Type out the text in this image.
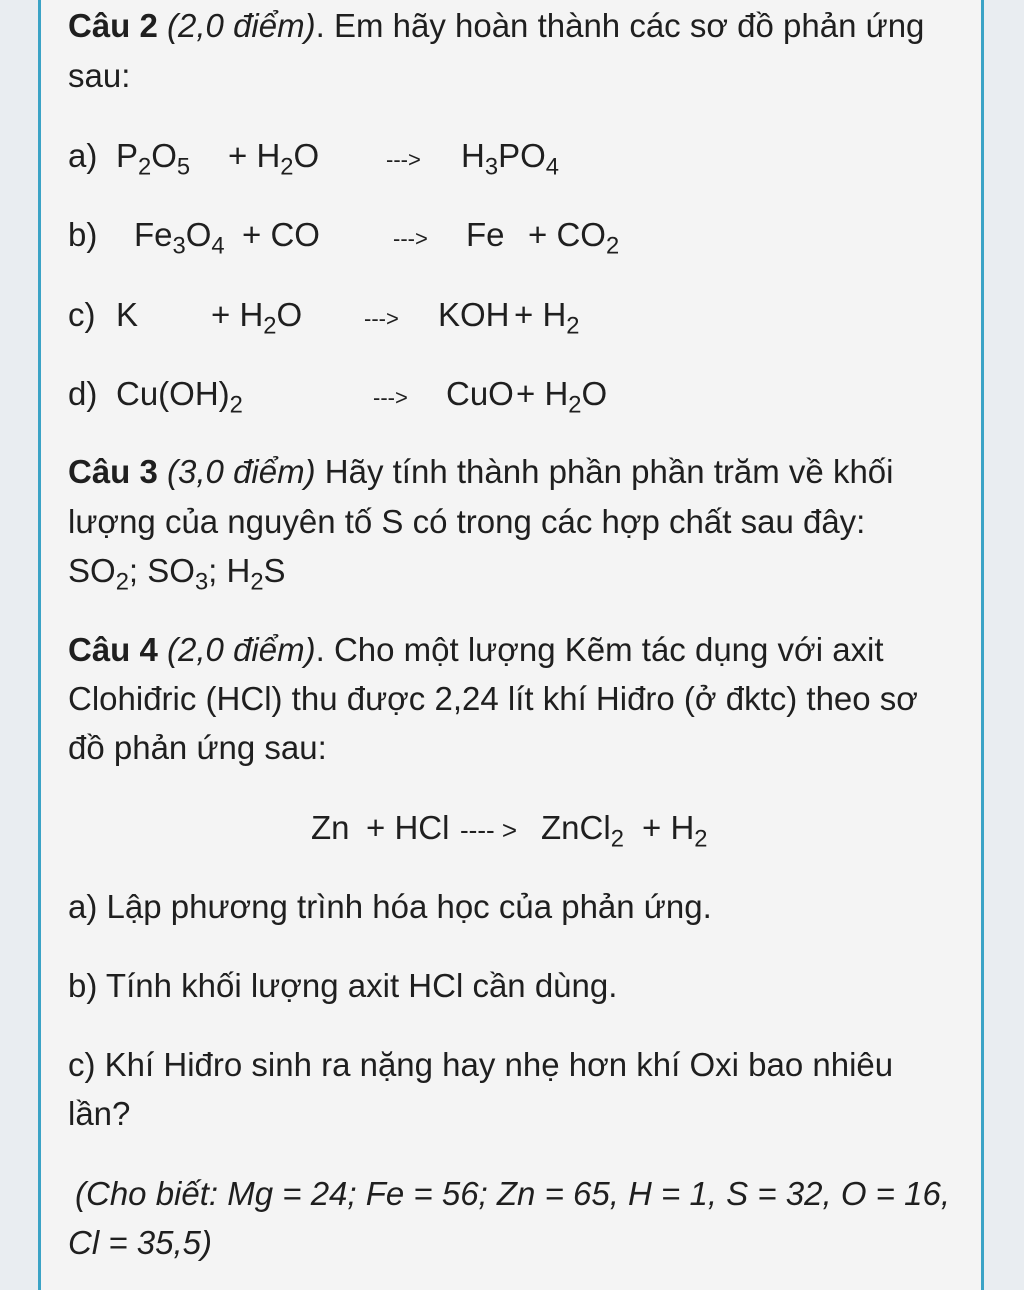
Câu 2 (2,0 điểm). Em hãy hoàn thành các sơ đồ phản ứng
sau:
a) $P_2O_5 + H_2O$	---> $H_3PO_4$
b) $Fe_3O_4$ + CO	---> $Fe + CO_2$
c) $K + H_2O$	---> KOH + $H_2$
d) $Cu(OH)_2$	---> CuO + $H_2O$
Câu 3 (3,0 điểm) Hãy tính thành phần phần trăm về khối
lượng của nguyên tố S có trong các hợp chất sau đây:
$SO_2$; $SO_3$; $H_2S$
Câu 4 (2,0 điểm). Cho một lượng Kẽm tác dụng với axit
Clohiđric (HCl) thu được 2,24 lít khí Hiđro (ở đktc) theo sơ
đồ phản ứng sau:
Zn + HCl ---- > ZnCl$_2$ + $H_2$
a) Lập phương trình hóa học của phản ứng.
b) Tính khối lượng axit HCl cần dùng.
c) Khí Hiđro sinh ra nặng hay nhẹ hơn khí Oxi bao nhiêu
lần?
(Cho biết: Mg = 24; Fe = 56; Zn = 65, H = 1, S = 32, O = 16,
Cl = 35,5)
